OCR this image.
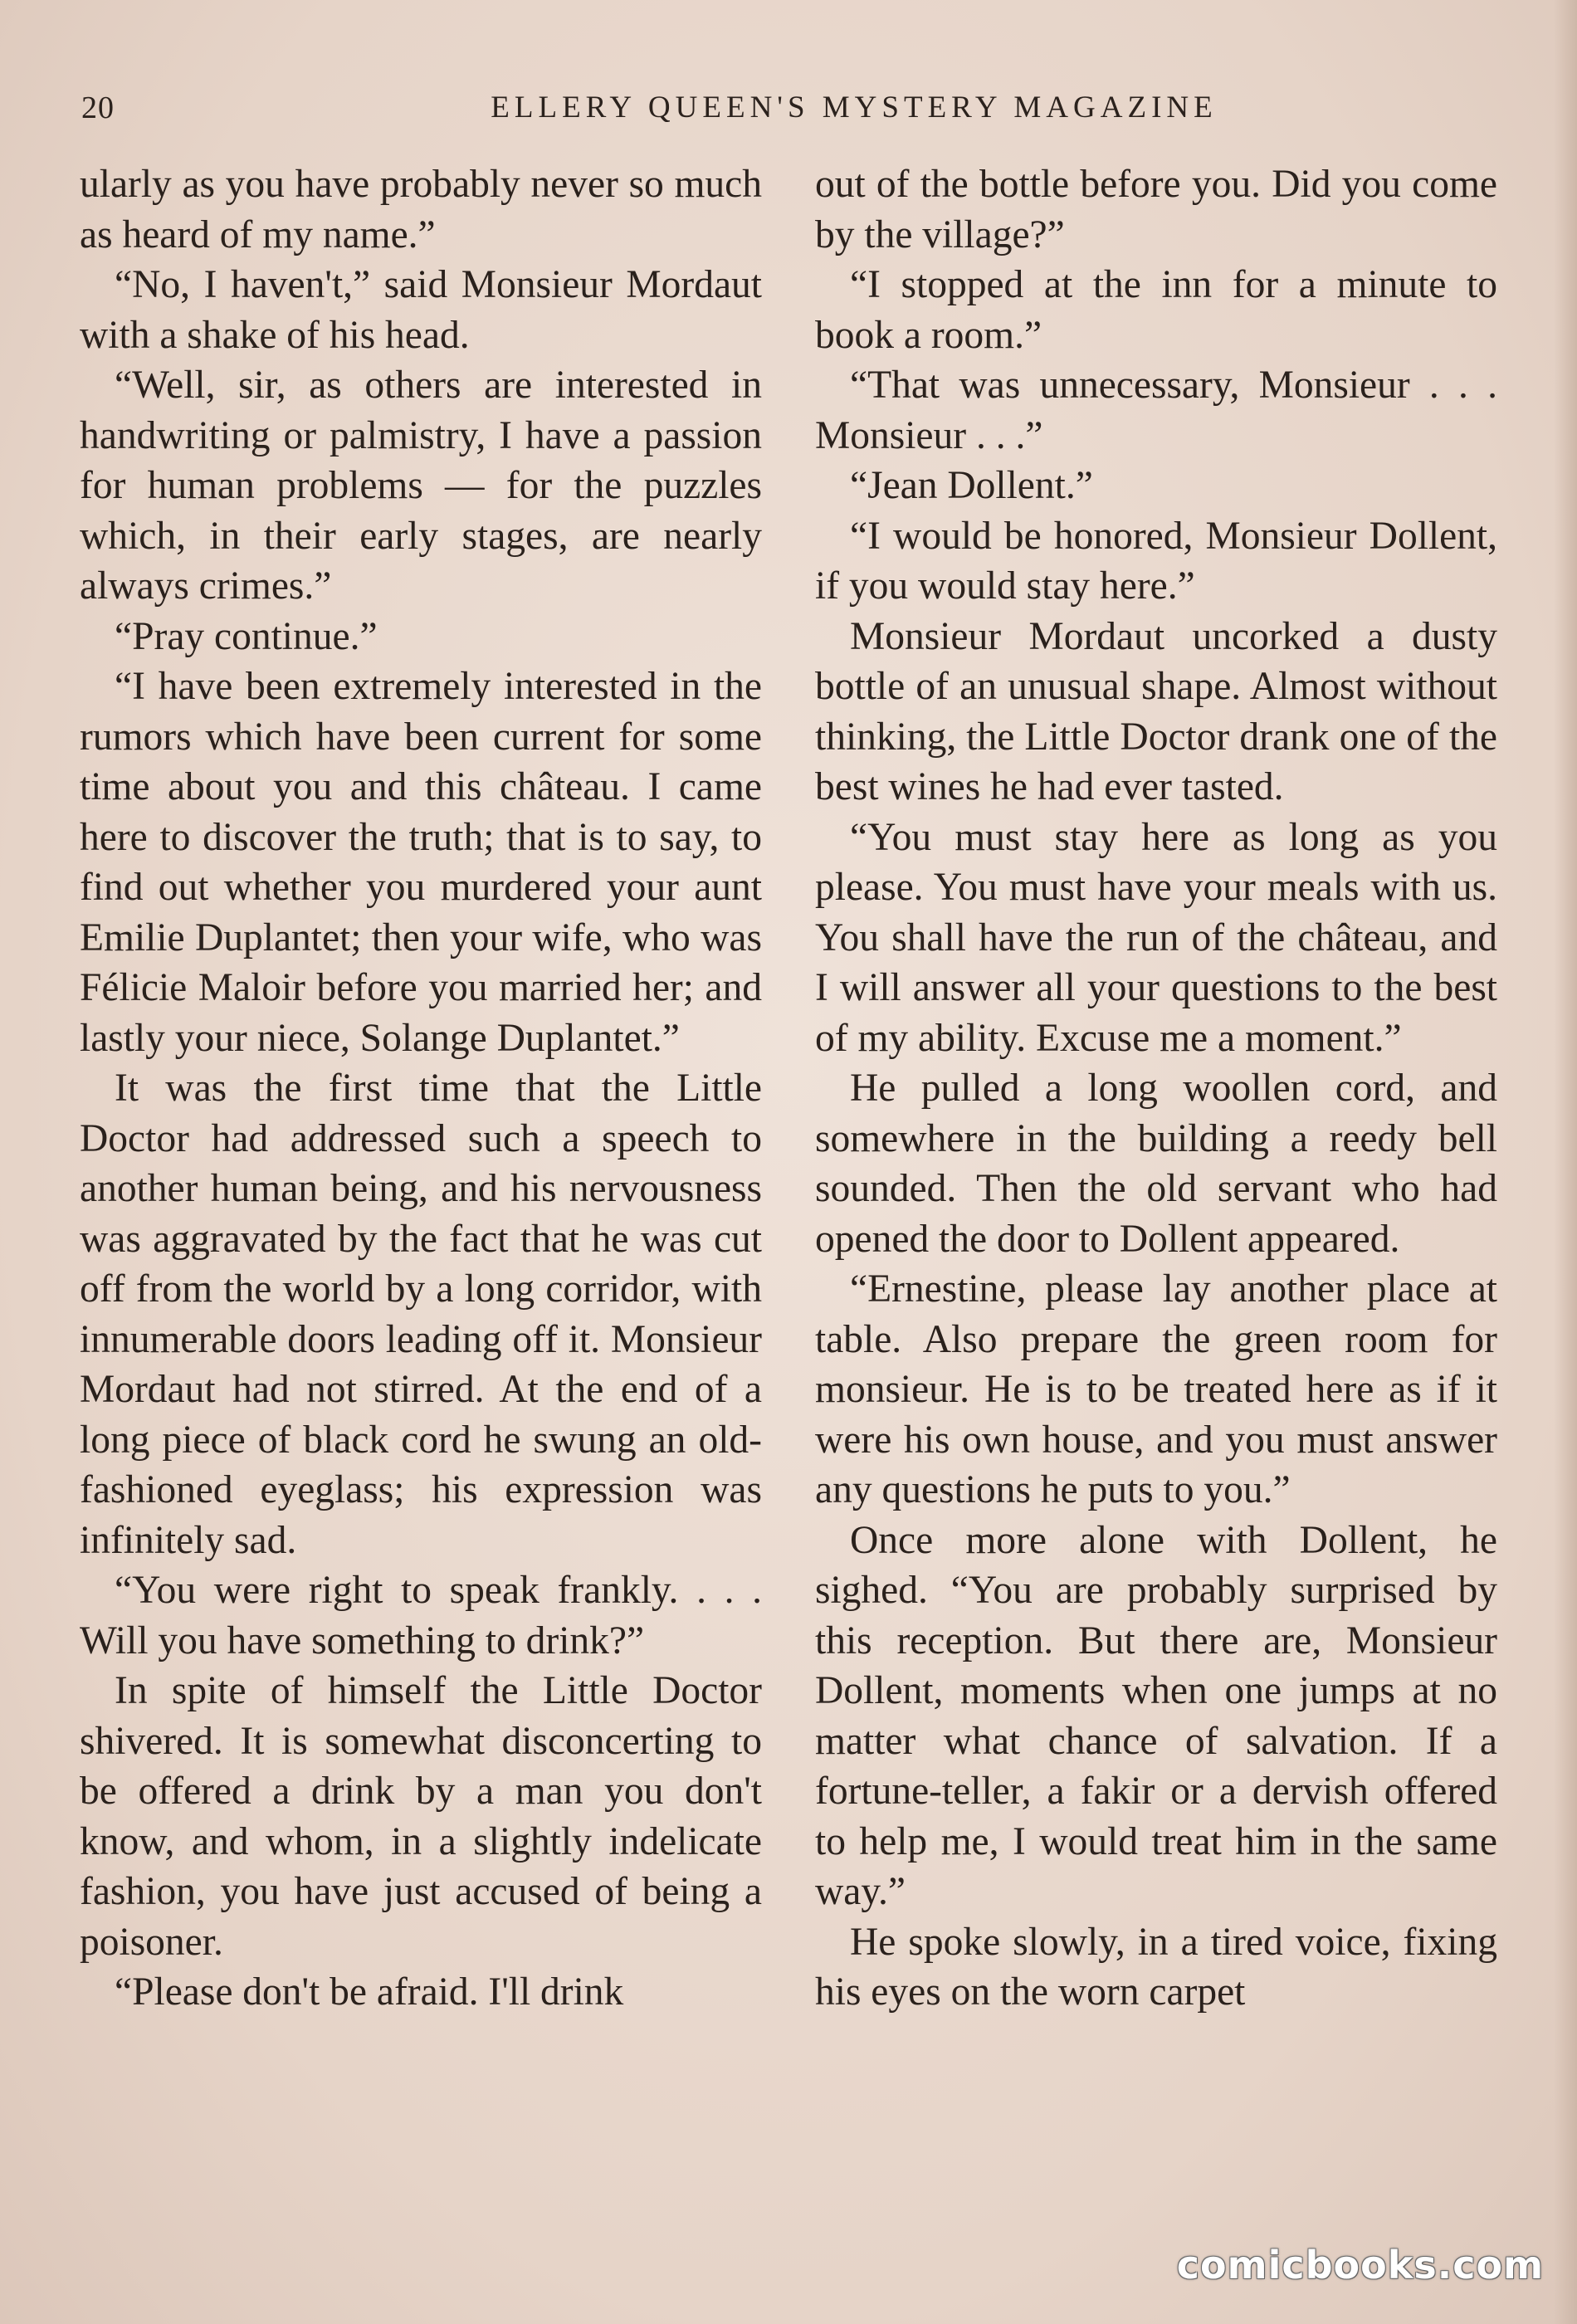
20	ELLERY QUEEN'S MYSTERY MAGAZINE

ularly as you have probably never so much as heard of my name.”

“No, I haven't,” said Monsieur Mordaut with a shake of his head.

“Well, sir, as others are interested in handwriting or palmistry, I have a passion for human problems — for the puzzles which, in their early stages, are nearly always crimes.”

“Pray continue.”

“I have been extremely interested in the rumors which have been current for some time about you and this château. I came here to discover the truth; that is to say, to find out whether you murdered your aunt Emilie Duplantet; then your wife, who was Félicie Maloir before you married her; and lastly your niece, Solange Duplantet.”

It was the first time that the Little Doctor had addressed such a speech to another human being, and his nervousness was aggravated by the fact that he was cut off from the world by a long corridor, with innumerable doors leading off it. Monsieur Mordaut had not stirred. At the end of a long piece of black cord he swung an old-fashioned eyeglass; his expression was infinitely sad.

“You were right to speak frankly. . . . Will you have something to drink?”

In spite of himself the Little Doctor shivered. It is somewhat disconcerting to be offered a drink by a man you don't know, and whom, in a slightly indelicate fashion, you have just accused of being a poisoner.

“Please don't be afraid. I'll drink

out of the bottle before you. Did you come by the village?”

“I stopped at the inn for a minute to book a room.”

“That was unnecessary, Monsieur . . . Monsieur . . .”

“Jean Dollent.”

“I would be honored, Monsieur Dollent, if you would stay here.”

Monsieur Mordaut uncorked a dusty bottle of an unusual shape. Almost without thinking, the Little Doctor drank one of the best wines he had ever tasted.

“You must stay here as long as you please. You must have your meals with us. You shall have the run of the château, and I will answer all your questions to the best of my ability. Excuse me a moment.”

He pulled a long woollen cord, and somewhere in the building a reedy bell sounded. Then the old servant who had opened the door to Dollent appeared.

“Ernestine, please lay another place at table. Also prepare the green room for monsieur. He is to be treated here as if it were his own house, and you must answer any questions he puts to you.”

Once more alone with Dollent, he sighed. “You are probably surprised by this reception. But there are, Monsieur Dollent, moments when one jumps at no matter what chance of salvation. If a fortune-teller, a fakir or a dervish offered to help me, I would treat him in the same way.”

He spoke slowly, in a tired voice, fixing his eyes on the worn carpet

comicbooks.com
